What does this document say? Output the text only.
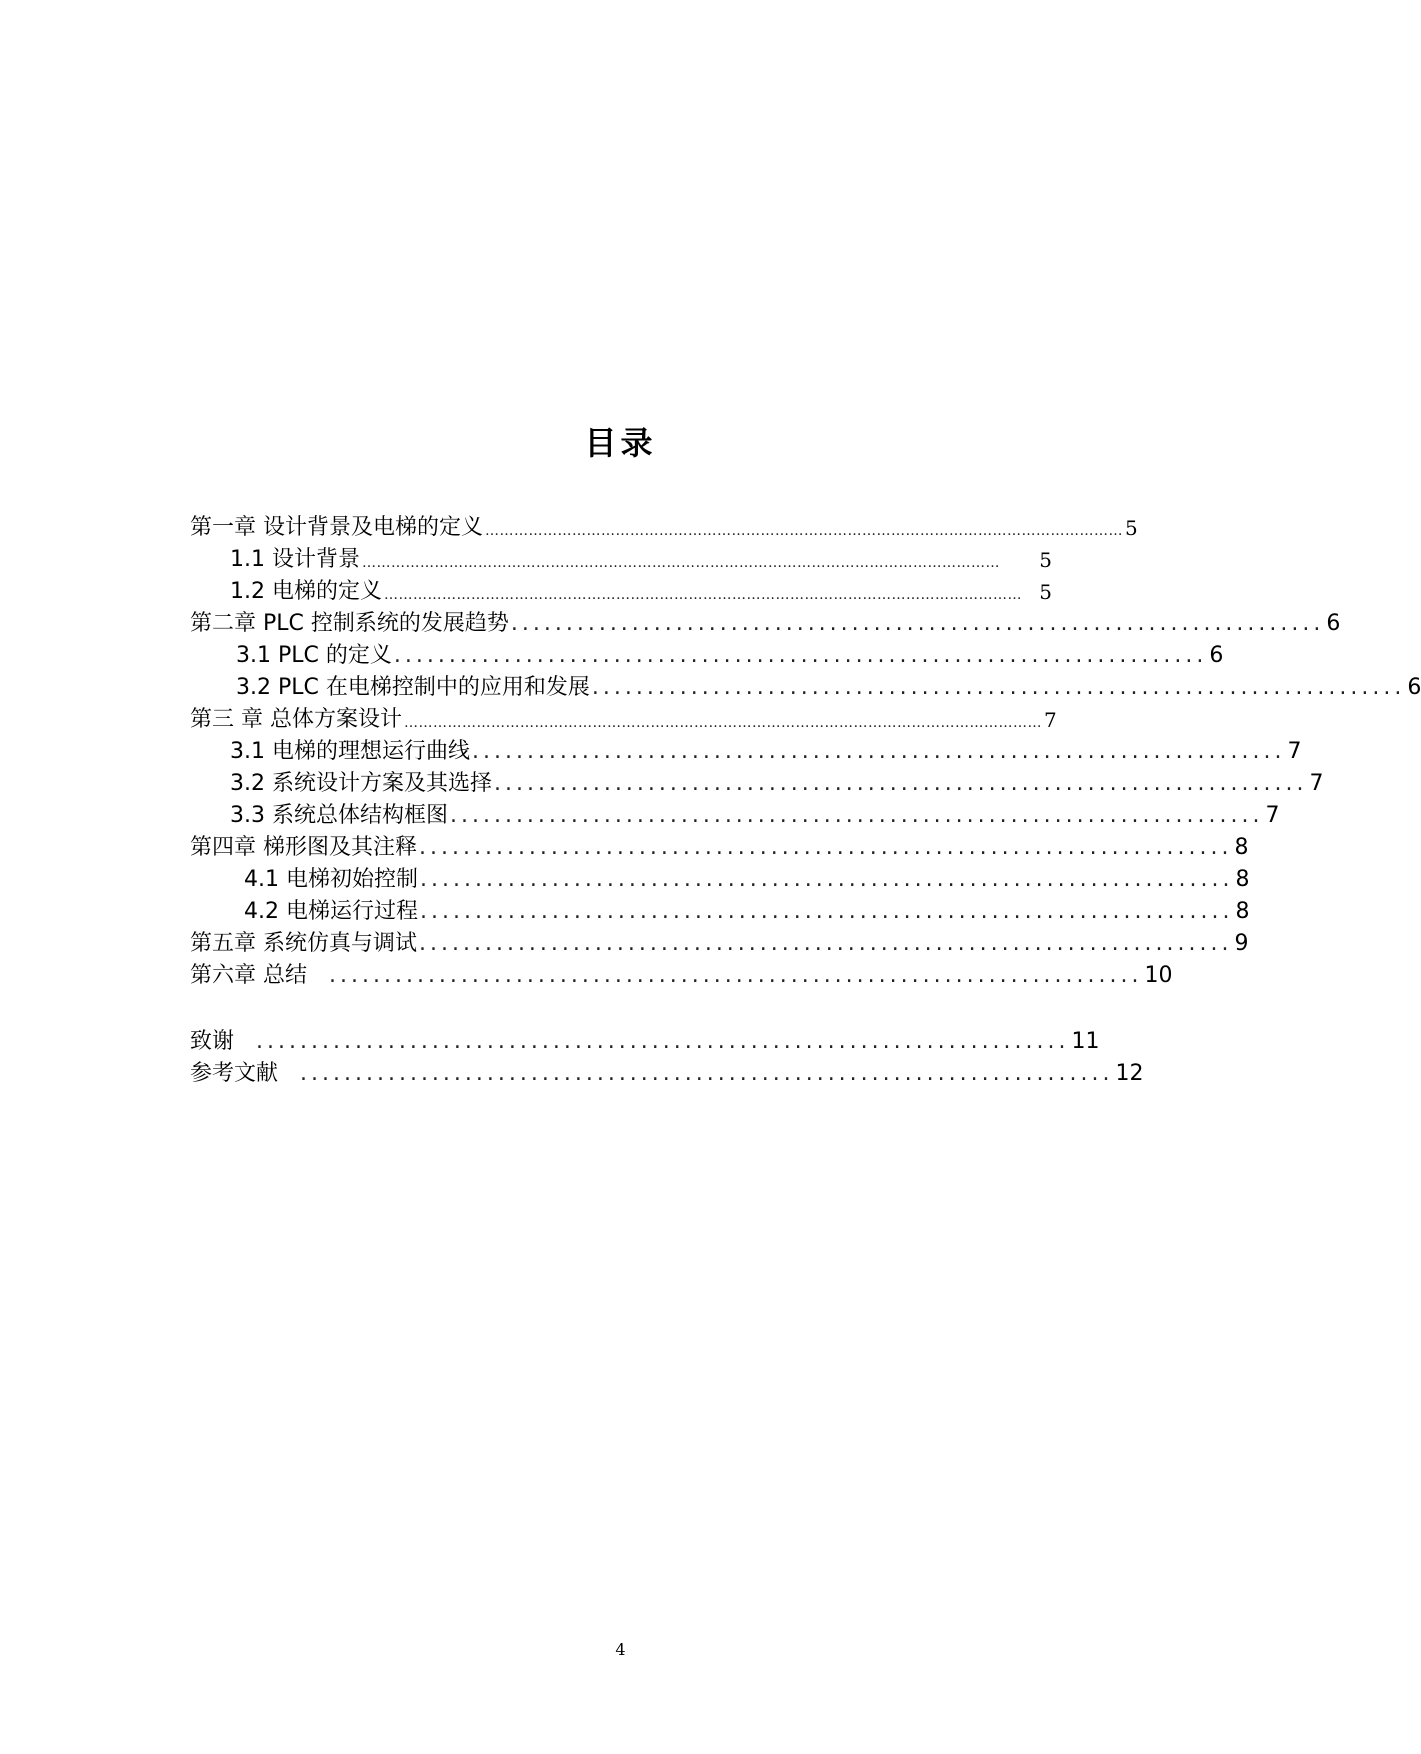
目录
第一章 设计背景及电梯的定义 …………………………………………………………………………………………………………………… 5
1.1 设计背景 ……………………………………………………………………………………………………………………	5
1.2 电梯的定义 …………………………………………………………………………………………………………………… 5
第二章 PLC 控制系统的发展趋势 .......................................................................... 6
3.1 PLC 的定义 .......................................................................... 6
3.2 PLC 在电梯控制中的应用和发展 .......................................................................... 6
第三 章 总体方案设计 …………………………………………………………………………………………………………………… 7
3.1 电梯的理想运行曲线 .......................................................................... 7
3.2 系统设计方案及其选择 .......................................................................... 7
3.3 系统总体结构框图 .......................................................................... 7
第四章 梯形图及其注释 .......................................................................... 8
4.1 电梯初始控制 .......................................................................... 8
4.2 电梯运行过程 .......................................................................... 8
第五章 系统仿真与调试 .......................................................................... 9
第六章 总结	.......................................................................... 10
致谢	.......................................................................... 11
参考文献	.......................................................................... 12
4
